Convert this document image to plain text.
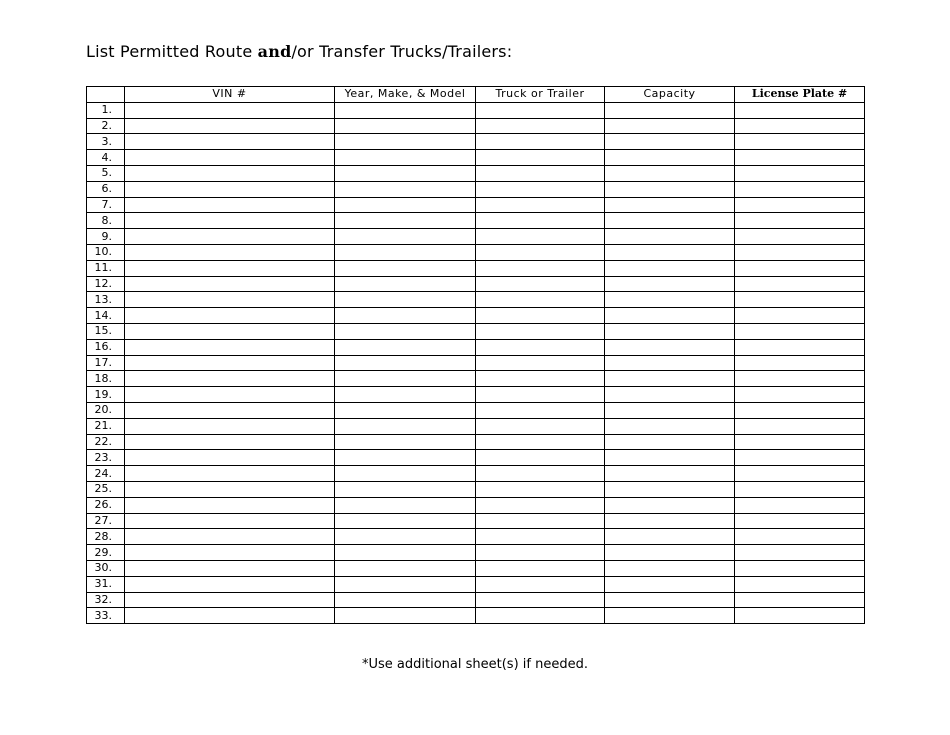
List Permitted Route and/or Transfer Trucks/Trailers:
	VIN #	Year, Make, & Model	Truck or Trailer	Capacity	License Plate #
1.					
2.					
3.					
4.					
5.					
6.					
7.					
8.					
9.					
10.					
11.					
12.					
13.					
14.					
15.					
16.					
17.					
18.					
19.					
20.					
21.					
22.					
23.					
24.					
25.					
26.					
27.					
28.					
29.					
30.					
31.					
32.					
33.					
*Use additional sheet(s) if needed.
